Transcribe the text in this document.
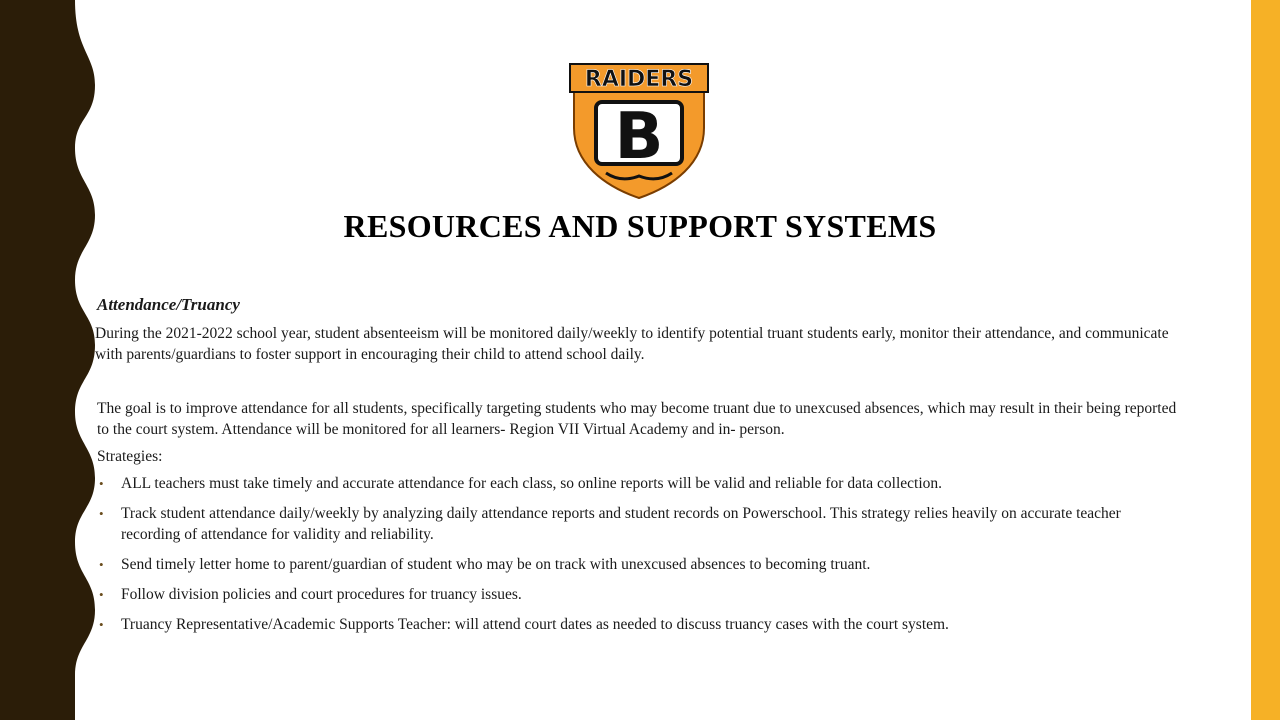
RAIDERS
B
RESOURCES AND SUPPORT SYSTEMS

Attendance/Truancy

During the 2021-2022 school year, student absenteeism will be monitored daily/weekly to identify potential truant students early, monitor their attendance, and communicate with parents/guardians to foster support in encouraging their child to attend school daily.

The goal is to improve attendance for all students, specifically targeting students who may become truant due to unexcused absences, which may result in their being reported to the court system. Attendance will be monitored for all learners- Region VII Virtual Academy and in- person.

Strategies:

• ALL teachers must take timely and accurate attendance for each class, so online reports will be valid and reliable for data collection.
• Track student attendance daily/weekly by analyzing daily attendance reports and student records on Powerschool. This strategy relies heavily on accurate teacher recording of attendance for validity and reliability.
• Send timely letter home to parent/guardian of student who may be on track with unexcused absences to becoming truant.
• Follow division policies and court procedures for truancy issues.
• Truancy Representative/Academic Supports Teacher: will attend court dates as needed to discuss truancy cases with the court system.
